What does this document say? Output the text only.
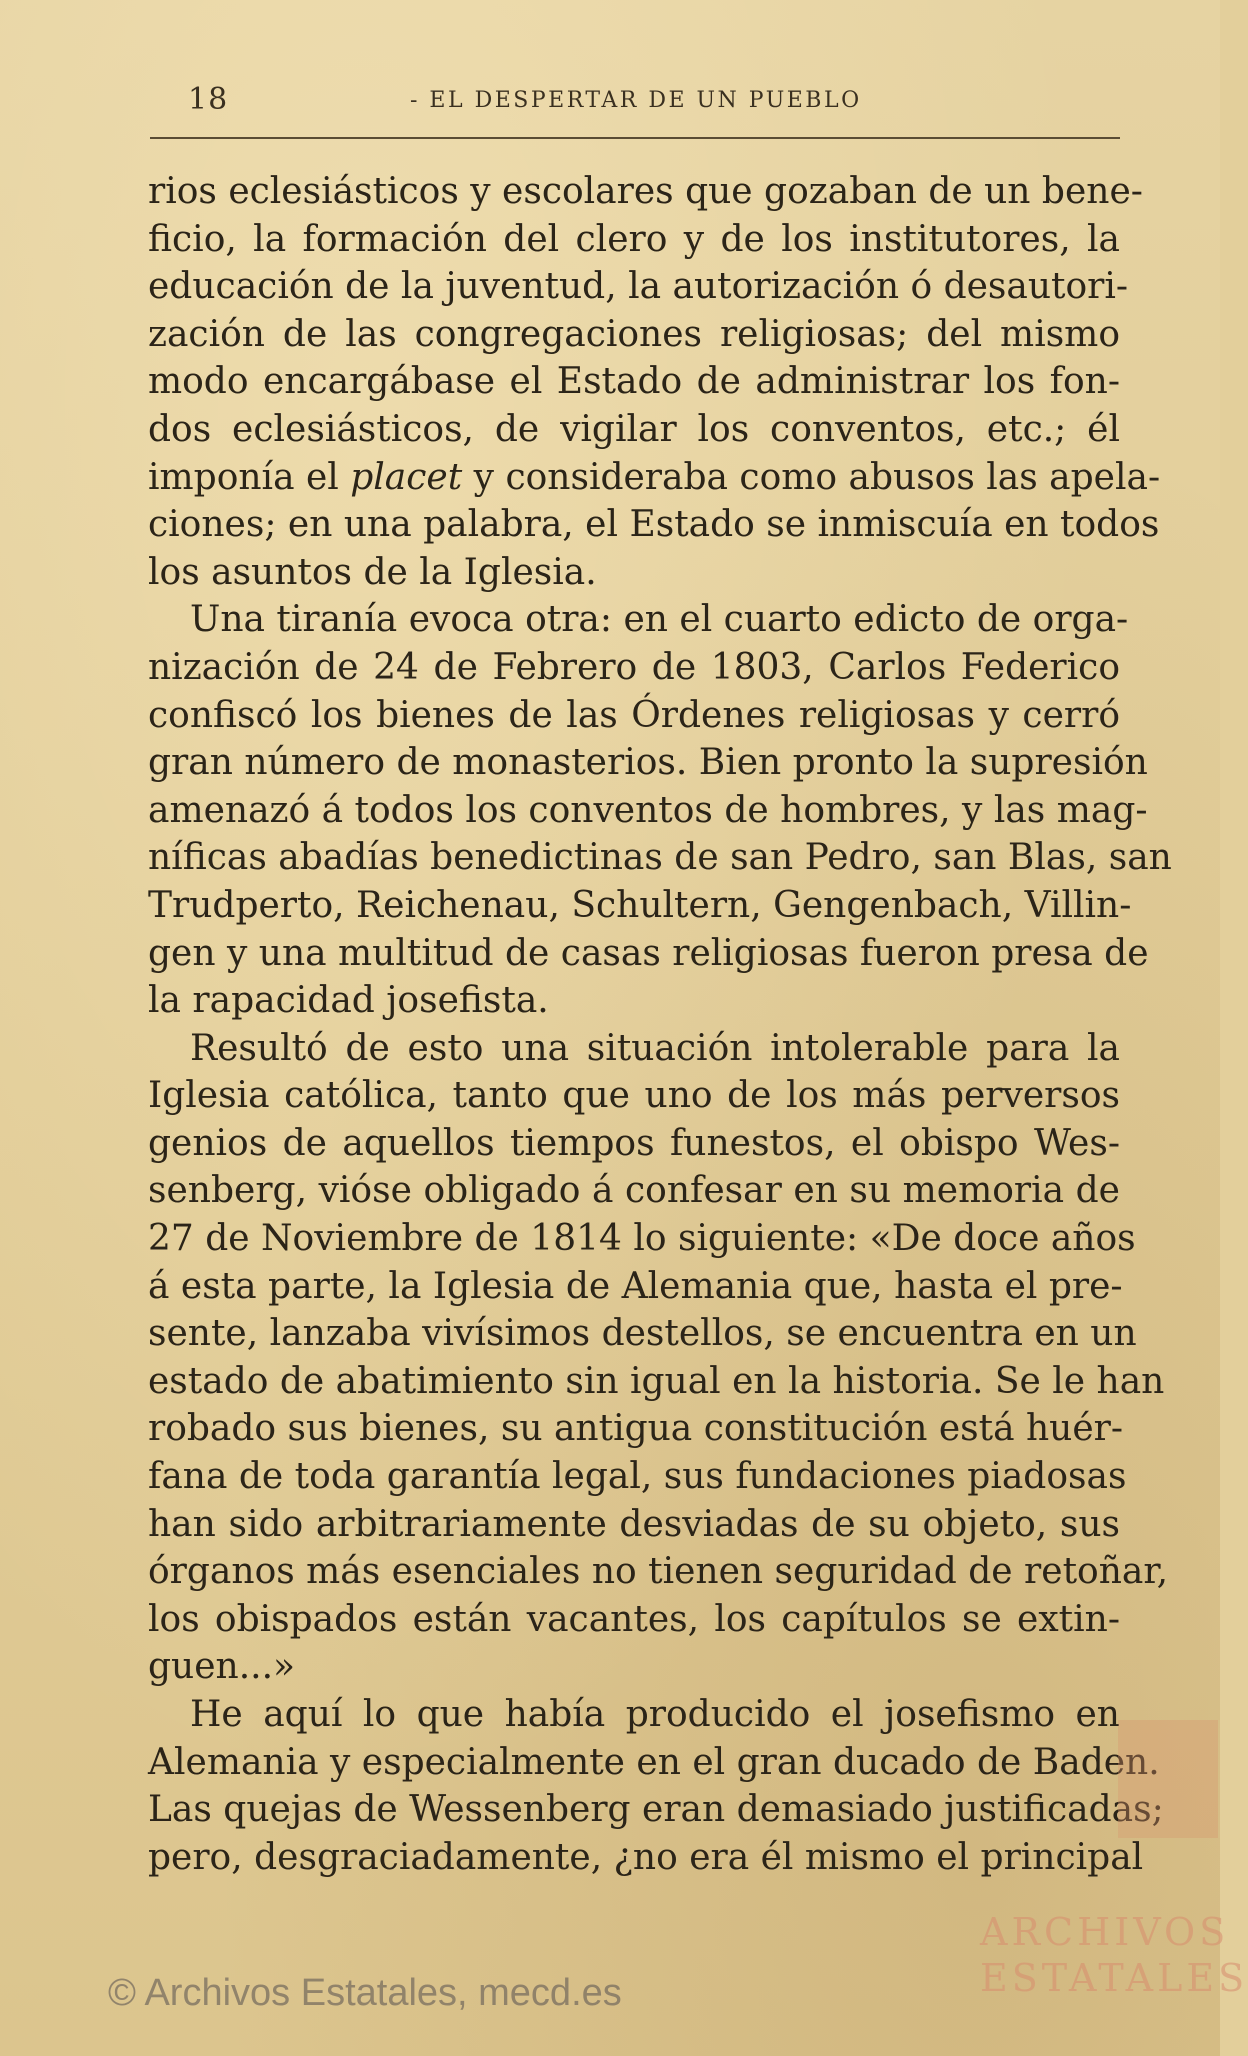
18	- EL DESPERTAR DE UN PUEBLO
rios eclesiásticos y escolares que gozaban de un bene-
ficio, la formación del clero y de los institutores, la
educación de la juventud, la autorización ó desautori-
zación de las congregaciones religiosas; del mismo
modo encargábase el Estado de administrar los fon-
dos eclesiásticos, de vigilar los conventos, etc.; él
imponía el placet y consideraba como abusos las apela-
ciones; en una palabra, el Estado se inmiscuía en todos
los asuntos de la Iglesia.
Una tiranía evoca otra: en el cuarto edicto de orga-
nización de 24 de Febrero de 1803, Carlos Federico
confiscó los bienes de las Órdenes religiosas y cerró
gran número de monasterios. Bien pronto la supresión
amenazó á todos los conventos de hombres, y las mag-
níficas abadías benedictinas de san Pedro, san Blas, san
Trudperto, Reichenau, Schultern, Gengenbach, Villin-
gen y una multitud de casas religiosas fueron presa de
la rapacidad josefista.
Resultó de esto una situación intolerable para la
Iglesia católica, tanto que uno de los más perversos
genios de aquellos tiempos funestos, el obispo Wes-
senberg, vióse obligado á confesar en su memoria de
27 de Noviembre de 1814 lo siguiente: «De doce años
á esta parte, la Iglesia de Alemania que, hasta el pre-
sente, lanzaba vivísimos destellos, se encuentra en un
estado de abatimiento sin igual en la historia. Se le han
robado sus bienes, su antigua constitución está huér-
fana de toda garantía legal, sus fundaciones piadosas
han sido arbitrariamente desviadas de su objeto, sus
órganos más esenciales no tienen seguridad de retoñar,
los obispados están vacantes, los capítulos se extin-
guen...»
He aquí lo que había producido el josefismo en
Alemania y especialmente en el gran ducado de Baden.
Las quejas de Wessenberg eran demasiado justificadas;
pero, desgraciadamente, ¿no era él mismo el principal
ARCHIVOS
ESTATALES
© Archivos Estatales, mecd.es
